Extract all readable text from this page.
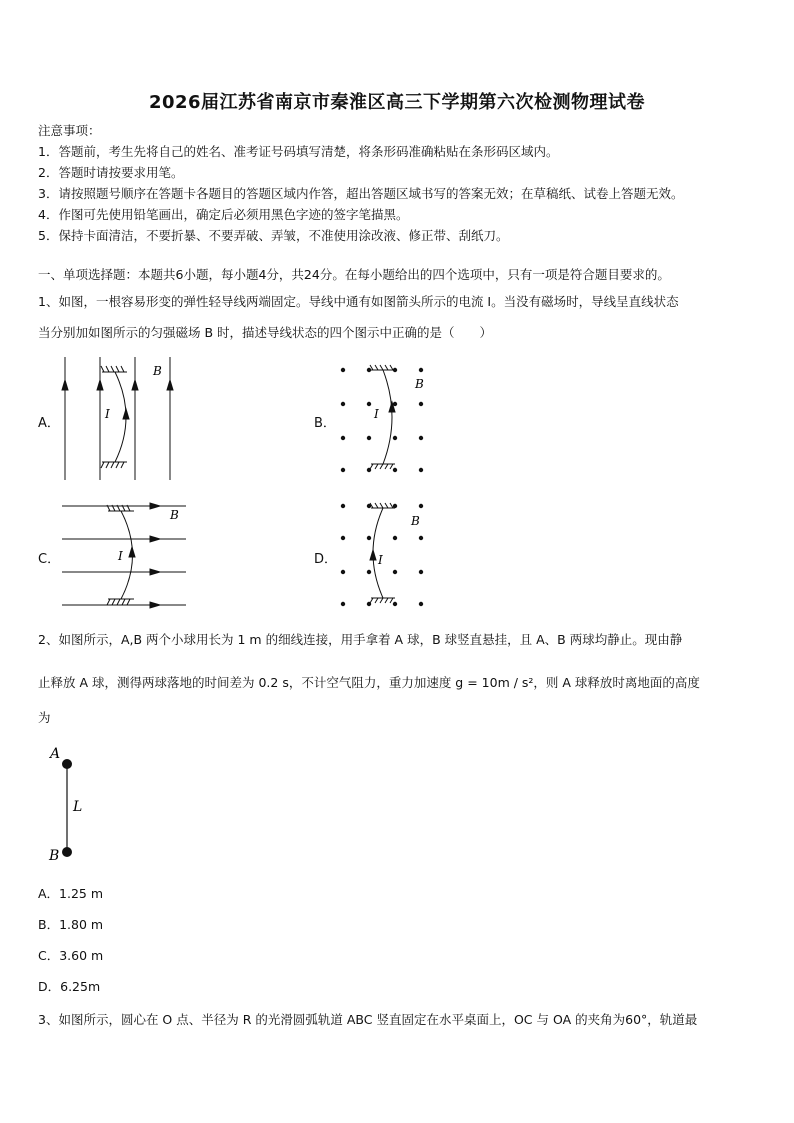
2026届江苏省南京市秦淮区高三下学期第六次检测物理试卷
注意事项：
1．答题前，考生先将自己的姓名、准考证号码填写清楚，将条形码准确粘贴在条形码区域内。
2．答题时请按要求用笔。
3．请按照题号顺序在答题卡各题目的答题区域内作答，超出答题区域书写的答案无效；在草稿纸、试卷上答题无效。
4．作图可先使用铅笔画出，确定后必须用黑色字迹的签字笔描黑。
5．保持卡面清洁，不要折暴、不要弄破、弄皱，不准使用涂改液、修正带、刮纸刀。
一、单项选择题：本题共6小题，每小题4分，共24分。在每小题给出的四个选项中，只有一项是符合题目要求的。
1、如图，一根容易形变的弹性轻导线两端固定。导线中通有如图箭头所示的电流 I。当没有磁场时，导线呈直线状态
当分别加如图所示的匀强磁场 B 时，描述导线状态的四个图示中正确的是（　　）
A．
I
B
B．
I
B
C．	I
B
D．	I
B
2、如图所示，A,B 两个小球用长为 1 m 的细线连接，用手拿着 A 球，B 球竖直悬挂，且 A、B 两球均静止。现由静
止释放 A 球，测得两球落地的时间差为 0.2 s，不计空气阻力，重力加速度 g = 10m / s²，则 A 球释放时离地面的高度
为
A
B
L
A．1.25 m
B．1.80 m
C．3.60 m
D．6.25m
3、如图所示，圆心在 O 点、半径为 R 的光滑圆弧轨道 ABC 竖直固定在水平桌面上，OC 与 OA 的夹角为60°，轨道最
